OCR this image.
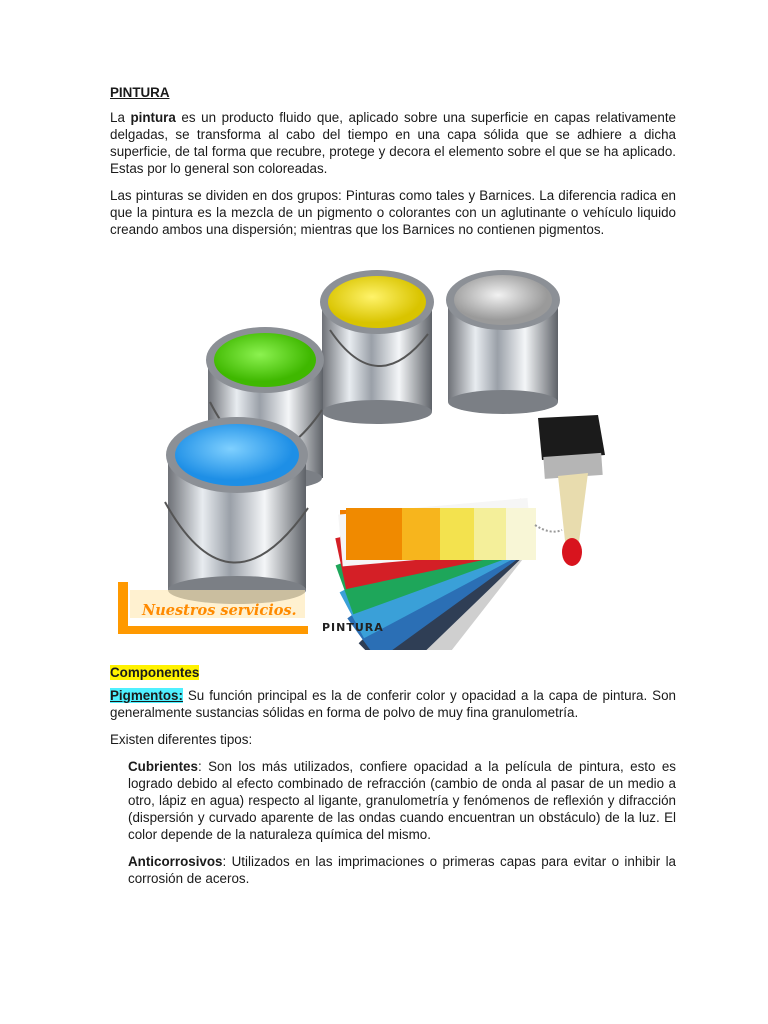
PINTURA

La pintura es un producto fluido que, aplicado sobre una superficie en capas relativamente delgadas, se transforma al cabo del tiempo en una capa sólida que se adhiere a dicha superficie, de tal forma que recubre, protege y decora el elemento sobre el que se ha aplicado. Estas por lo general son coloreadas.

Las pinturas se dividen en dos grupos: Pinturas como tales y Barnices. La diferencia radica en que la pintura es la mezcla de un pigmento o colorantes con un aglutinante o vehículo liquido creando ambos una dispersión; mientras que los Barnices no contienen pigmentos.

Nuestros servicios.
PINTURA

Componentes

Pigmentos: Su función principal es la de conferir color y opacidad a la capa de pintura. Son generalmente sustancias sólidas en forma de polvo de muy fina granulometría.

Existen diferentes tipos:

Cubrientes: Son los más utilizados, confiere opacidad a la película de pintura, esto es logrado debido al efecto combinado de refracción (cambio de onda al pasar de un medio a otro, lápiz en agua) respecto al ligante, granulometría y fenómenos de reflexión y difracción (dispersión y curvado aparente de las ondas cuando encuentran un obstáculo) de la luz. El color depende de la naturaleza química del mismo.

Anticorrosivos: Utilizados en las imprimaciones o primeras capas para evitar o inhibir la corrosión de aceros.
